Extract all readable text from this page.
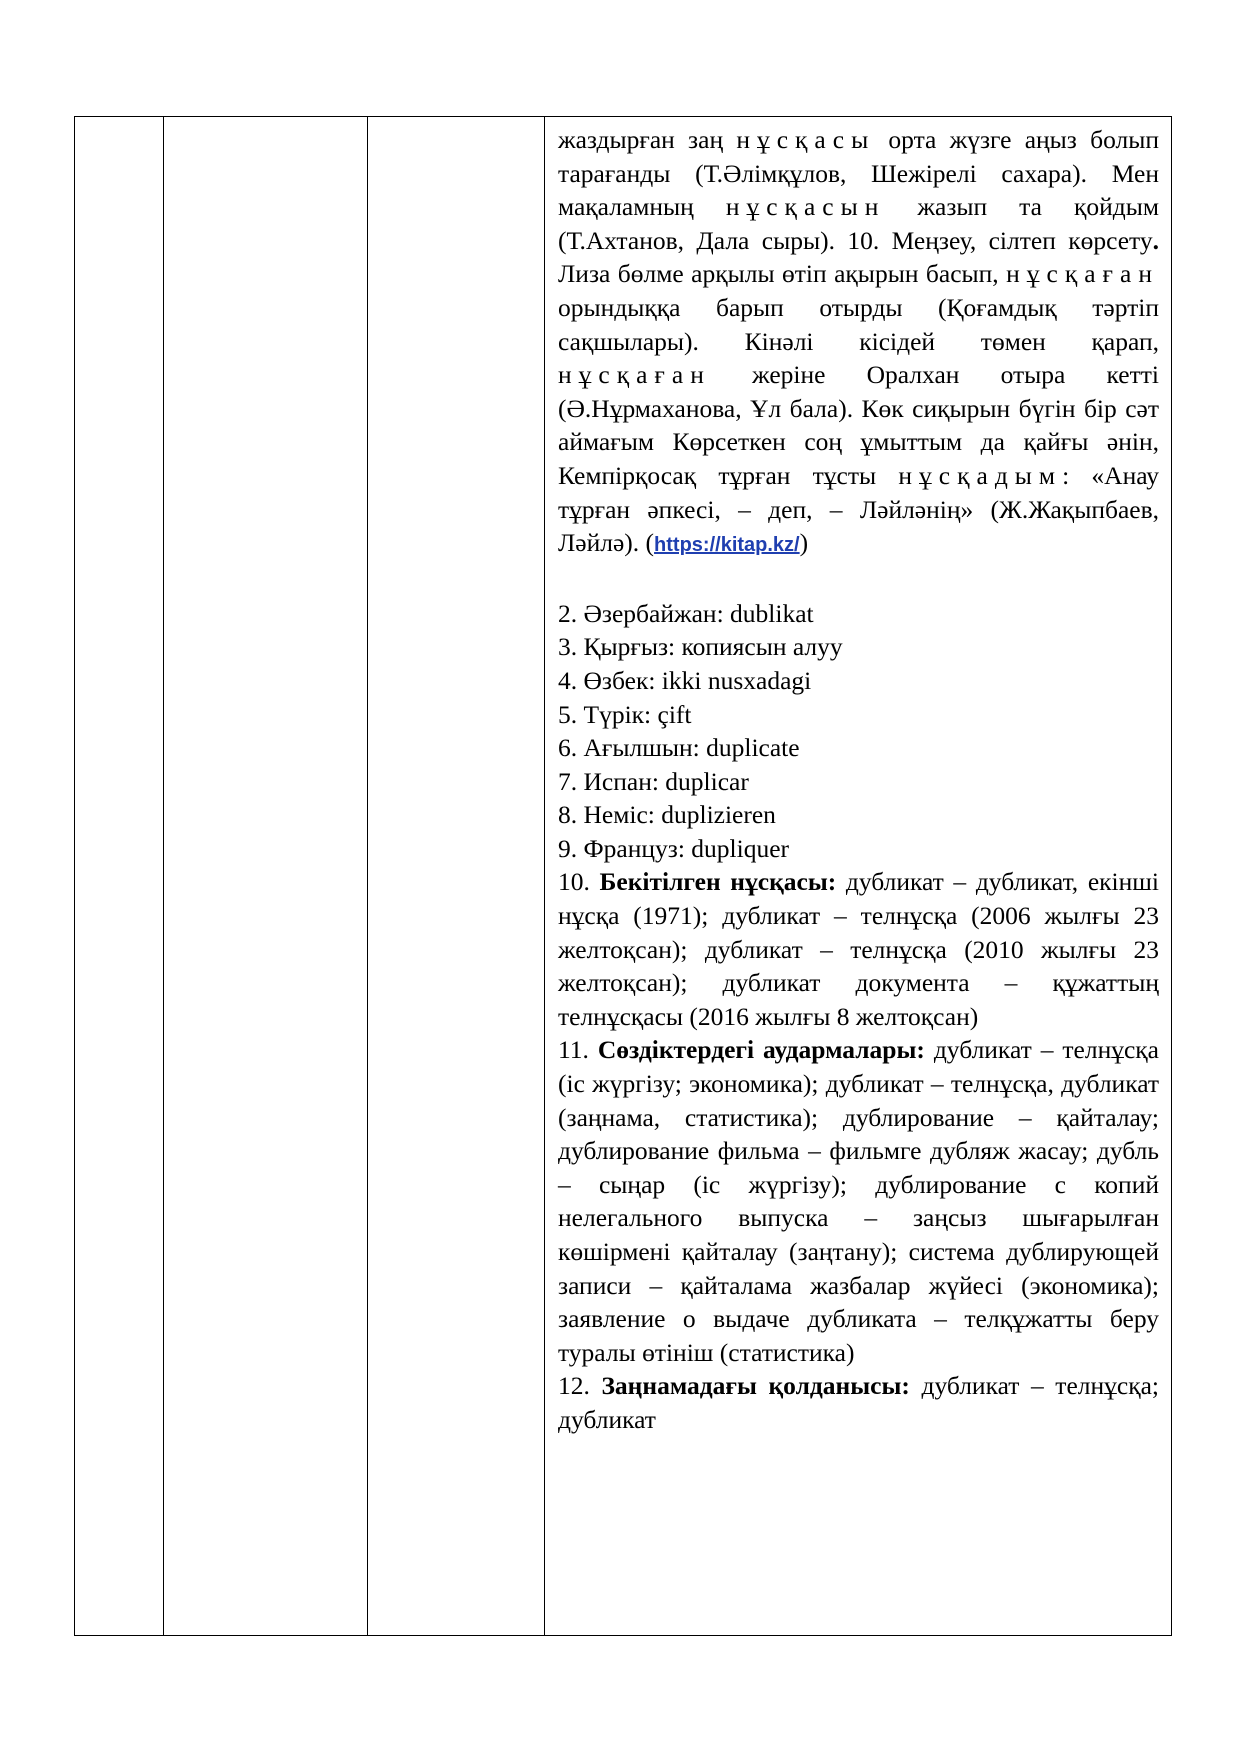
жаздырған заң нұсқасы орта жүзге аңыз болып тарағанды (Т.Әлімқұлов, Шежірелі сахара). Мен мақаламның нұсқасын жазып та қойдым (Т.Ахтанов, Дала сыры). 10. Меңзеу, сілтеп көрсету. Лиза бөлме арқылы өтіп ақырын басып, нұсқаған орындыққа барып отырды (Қоғамдық тәртіп сақшылары). Кінәлі кісідей төмен қарап, нұсқаған жеріне Оралхан отыра кетті (Ә.Нұрмаханова, Ұл бала). Көк сиқырын бүгін бір сәт аймағым Көрсеткен соң ұмыттым да қайғы әнін, Кемпірқосақ тұрған тұсты нұсқадым: «Анау тұрған әпкесі, – деп, – Ләйләнің» (Ж.Жақыпбаев, Ләйлә). (https://kitap.kz/)

2. Әзербайжан: dublikat

3. Қырғыз: копиясын алуу

4. Өзбек: ikki nusxadagi

5. Түрік: çift

6. Ағылшын: duplicate

7. Испан: duplicar

8. Неміс: duplizieren

9. Француз: dupliquer

10. Бекітілген нұсқасы: дубликат – дубликат, екінші нұсқа (1971); дубликат – телнұсқа (2006 жылғы 23 желтоқсан); дубликат – телнұсқа (2010 жылғы 23 желтоқсан); дубликат документа – құжаттың телнұсқасы (2016 жылғы 8 желтоқсан)

11. Сөздіктердегі аудармалары: дубликат – телнұсқа (іс жүргізу; экономика); дубликат – телнұсқа, дубликат (заңнама, статистика); дублирование – қайталау; дублирование фильма – фильмге дубляж жасау; дубль – сыңар (іс жүргізу); дублирование с копий нелегального выпуска – заңсыз шығарылған көшірмені қайталау (заңтану); система дублирующей записи – қайталама жазбалар жүйесі (экономика); заявление о выдаче дубликата – телқұжатты беру туралы өтініш (статистика)

12. Заңнамадағы қолданысы: дубликат – телнұсқа; дубликат
